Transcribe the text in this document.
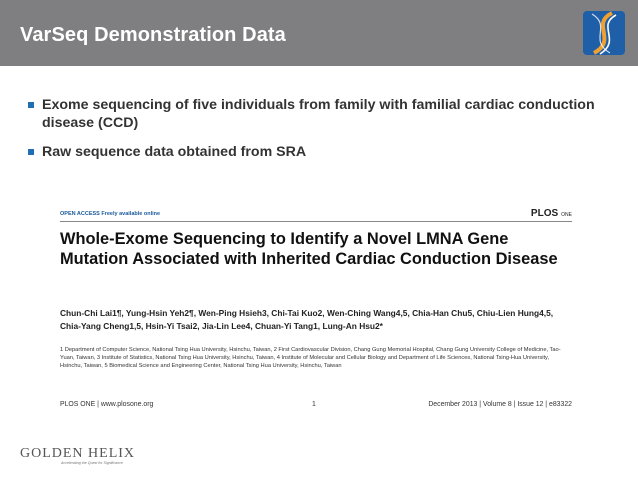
VarSeq Demonstration Data
Exome sequencing of five individuals from family with familial cardiac conduction disease (CCD)
Raw sequence data obtained from SRA
OPEN ACCESS Freely available online	PLOS ONE
Whole-Exome Sequencing to Identify a Novel LMNA Gene Mutation Associated with Inherited Cardiac Conduction Disease
Chun-Chi Lai1¶, Yung-Hsin Yeh2¶, Wen-Ping Hsieh3, Chi-Tai Kuo2, Wen-Ching Wang4,5, Chia-Han Chu5, Chiu-Lien Hung4,5, Chia-Yang Cheng1,5, Hsin-Yi Tsai2, Jia-Lin Lee4, Chuan-Yi Tang1, Lung-An Hsu2*
1 Department of Computer Science, National Tsing Hua University, Hsinchu, Taiwan, 2 First Cardiovascular Division, Chang Gung Memorial Hospital, Chang Gung University College of Medicine, Tao-Yuan, Taiwan, 3 Institute of Statistics, National Tsing Hua University, Hsinchu, Taiwan, 4 Institute of Molecular and Cellular Biology and Department of Life Sciences, National Tsing-Hua University, Hsinchu, Taiwan, 5 Biomedical Science and Engineering Center, National Tsing Hua University, Hsinchu, Taiwan
PLOS ONE | www.plosone.org	1	December 2013 | Volume 8 | Issue 12 | e83322
GOLDEN HELIX
Accelerating the Quest for Significance
